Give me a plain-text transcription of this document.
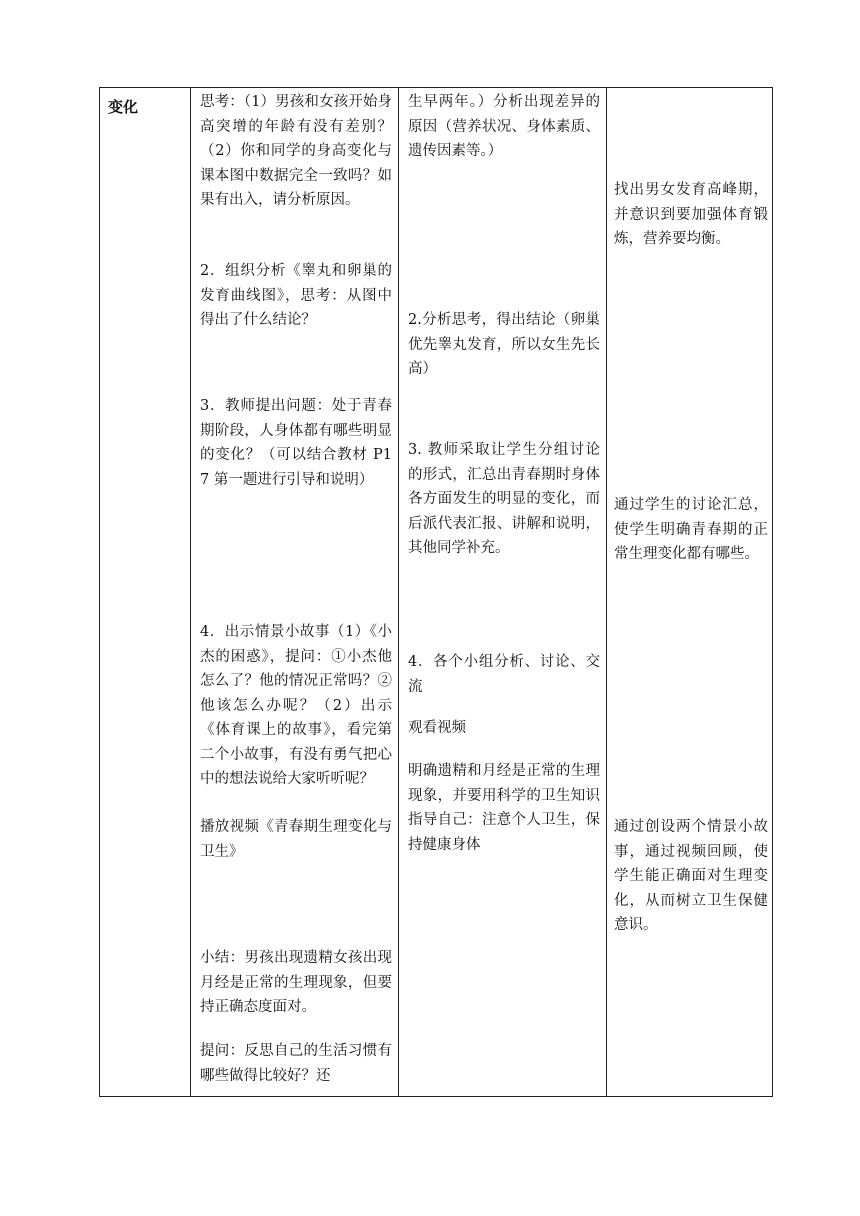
变化	思考：（1）男孩和女孩开始身高突增的年龄有没有差别？（2）你和同学的身高变化与课本图中数据完全一致吗？如果有出入，请分析原因。
2．组织分析《睾丸和卵巢的发育曲线图》，思考：从图中得出了什么结论？
3．教师提出问题：处于青春期阶段，人身体都有哪些明显的变化？（可以结合教材 P17 第一题进行引导和说明）
4．出示情景小故事（1）《小杰的困惑》，提问：①小杰他怎么了？他的情况正常吗？②他该怎么办呢？（2）出示《体育课上的故事》，看完第二个小故事，有没有勇气把心中的想法说给大家听听呢？
播放视频《青春期生理变化与卫生》
小结：男孩出现遗精女孩出现月经是正常的生理现象，但要持正确态度面对。
提问：反思自己的生活习惯有哪些做得比较好？还
生早两年。）分析出现差异的原因（营养状况、身体素质、遗传因素等。）
2.分析思考，得出结论（卵巢优先睾丸发育，所以女生先长高）
3. 教师采取让学生分组讨论的形式，汇总出青春期时身体各方面发生的明显的变化，而后派代表汇报、讲解和说明，其他同学补充。
4．各个小组分析、讨论、交流
观看视频
明确遗精和月经是正常的生理现象，并要用科学的卫生知识指导自己：注意个人卫生，保持健康身体
找出男女发育高峰期，并意识到要加强体育锻炼，营养要均衡。
通过学生的讨论汇总，使学生明确青春期的正常生理变化都有哪些。
通过创设两个情景小故事，通过视频回顾，使学生能正确面对生理变化，从而树立卫生保健意识。
